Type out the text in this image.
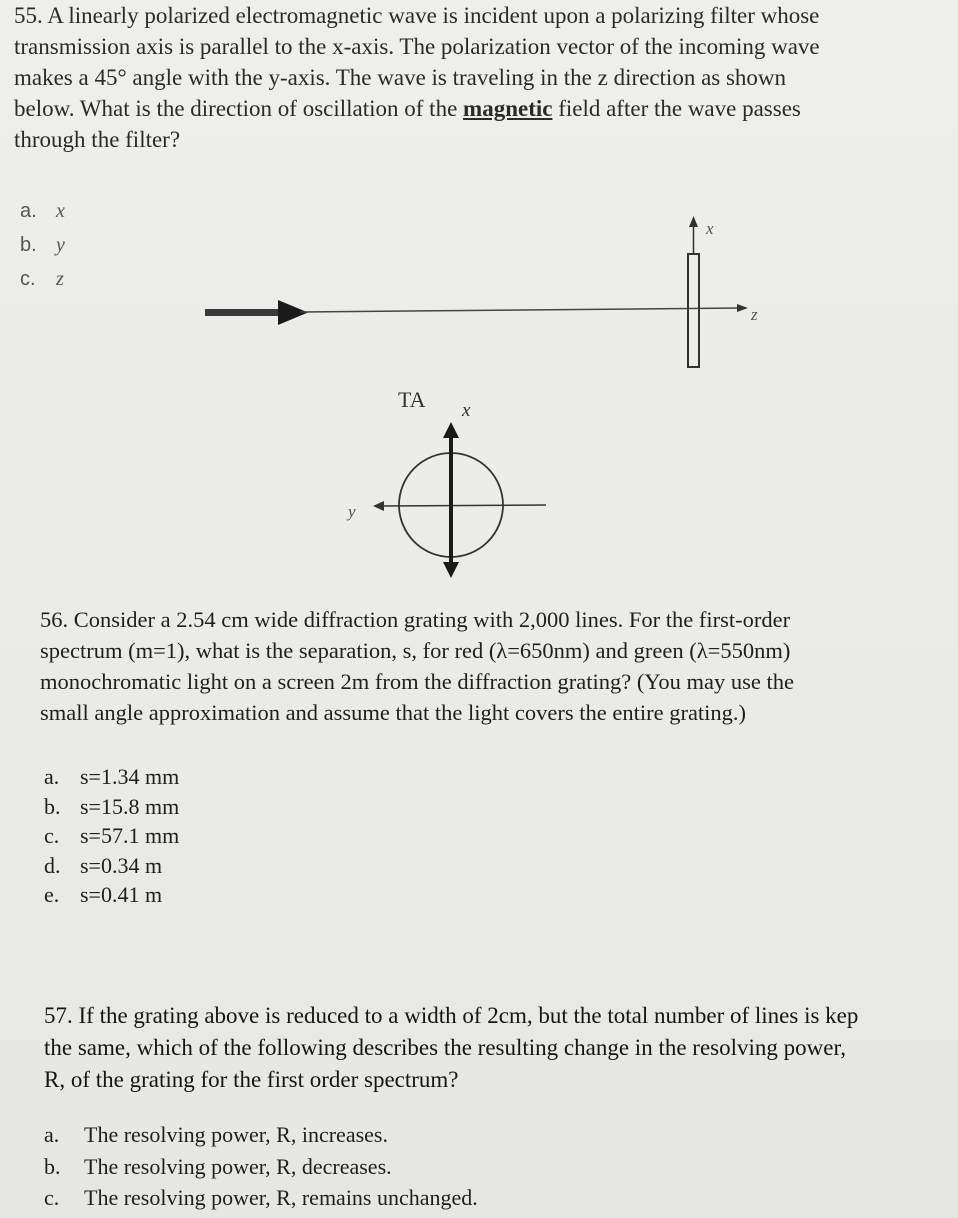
55. A linearly polarized electromagnetic wave is incident upon a polarizing filter whose
transmission axis is parallel to the x-axis. The polarization vector of the incoming wave
makes a 45° angle with the y-axis. The wave is traveling in the z direction as shown
below. What is the direction of oscillation of the magnetic field after the wave passes
through the filter?
a. x
b. y
c. z
z
x
TA x
y
56. Consider a 2.54 cm wide diffraction grating with 2,000 lines. For the first-order
spectrum (m=1), what is the separation, s, for red (λ=650nm) and green (λ=550nm)
monochromatic light on a screen 2m from the diffraction grating? (You may use the
small angle approximation and assume that the light covers the entire grating.)
a. s=1.34 mm
b. s=15.8 mm
c. s=57.1 mm
d. s=0.34 m
e. s=0.41 m
57. If the grating above is reduced to a width of 2cm, but the total number of lines is kep
the same, which of the following describes the resulting change in the resolving power,
R, of the grating for the first order spectrum?
a. The resolving power, R, increases.
b. The resolving power, R, decreases.
c. The resolving power, R, remains unchanged.
